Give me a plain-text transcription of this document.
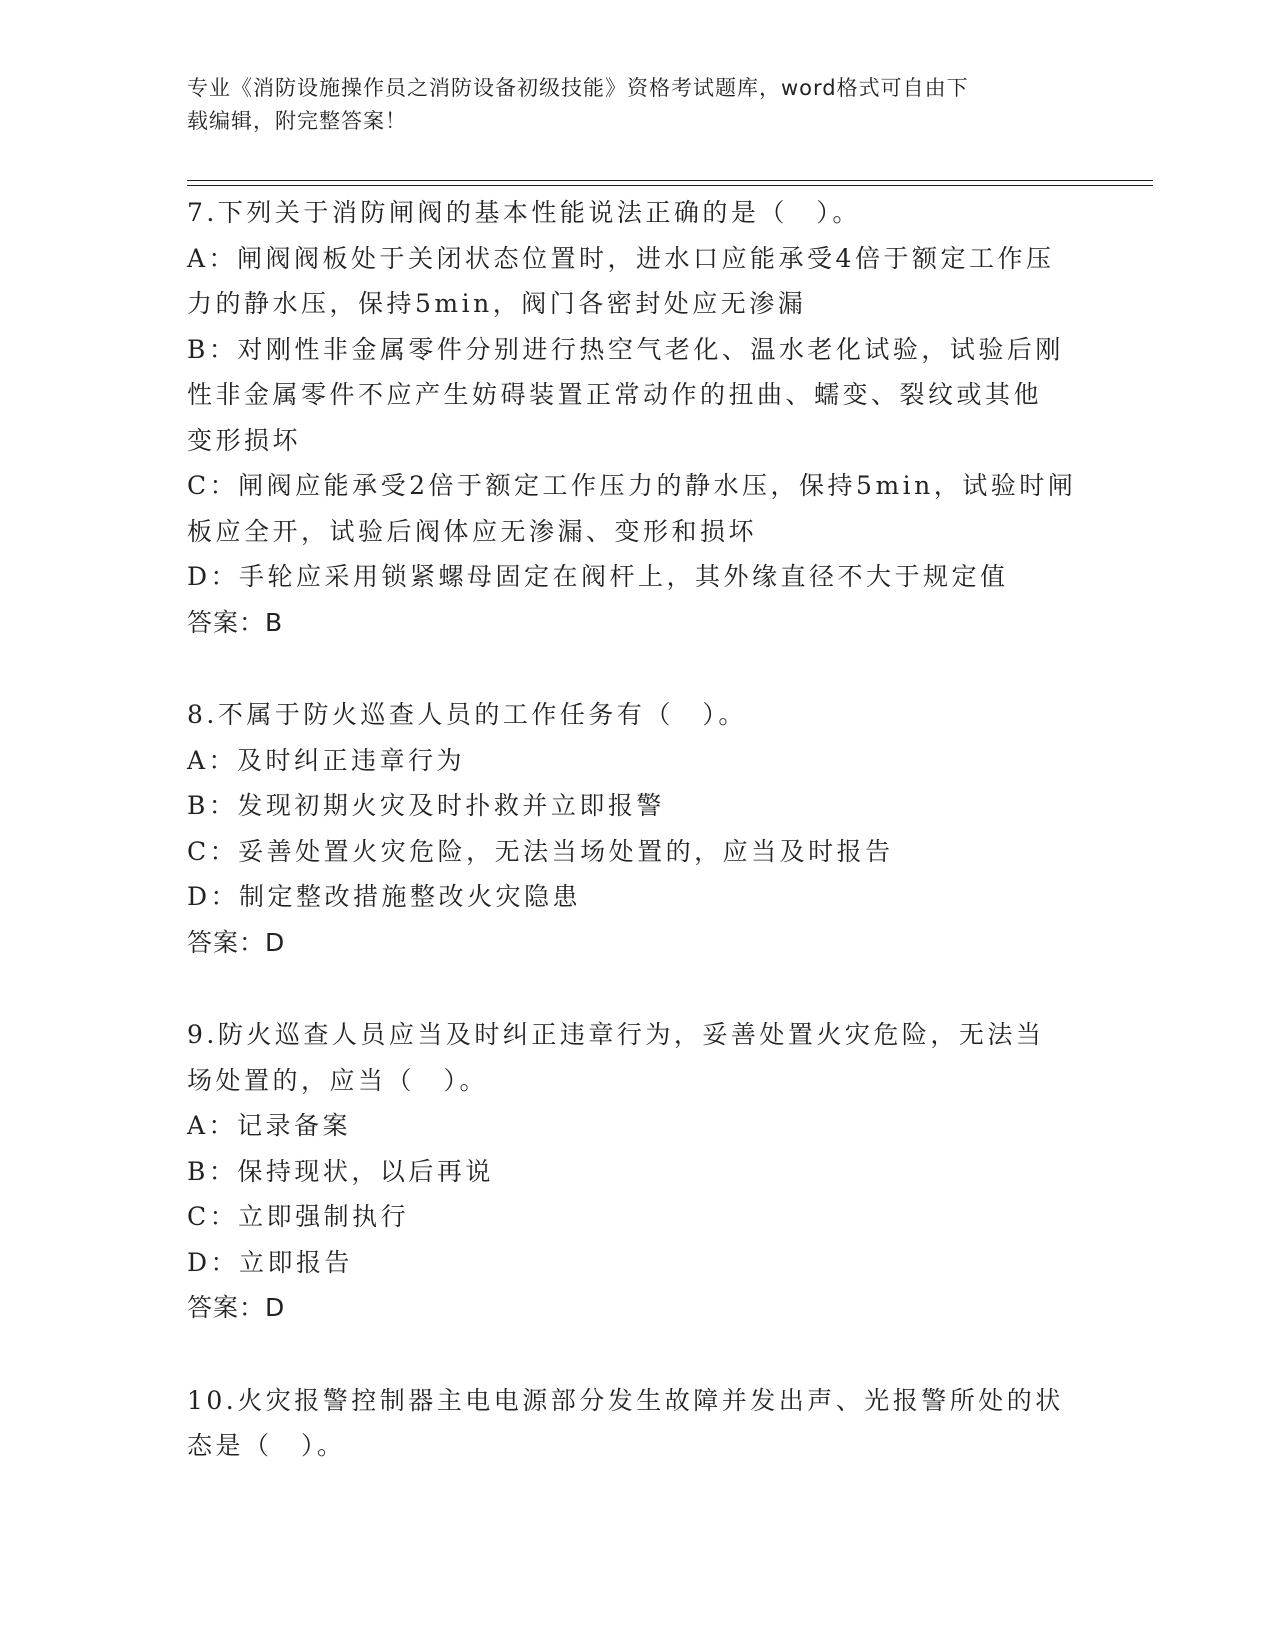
专业《消防设施操作员之消防设备初级技能》资格考试题库，word格式可自由下
载编辑，附完整答案！
7.下列关于消防闸阀的基本性能说法正确的是（　）。
A：闸阀阀板处于关闭状态位置时，进水口应能承受4倍于额定工作压
力的静水压，保持5min，阀门各密封处应无渗漏
B：对刚性非金属零件分别进行热空气老化、温水老化试验，试验后刚
性非金属零件不应产生妨碍装置正常动作的扭曲、蠕变、裂纹或其他
变形损坏
C：闸阀应能承受2倍于额定工作压力的静水压，保持5min，试验时闸
板应全开，试验后阀体应无渗漏、变形和损坏
D：手轮应采用锁紧螺母固定在阀杆上，其外缘直径不大于规定值
答案：B
8.不属于防火巡查人员的工作任务有（　）。
A：及时纠正违章行为
B：发现初期火灾及时扑救并立即报警
C：妥善处置火灾危险，无法当场处置的，应当及时报告
D：制定整改措施整改火灾隐患
答案：D
9.防火巡查人员应当及时纠正违章行为，妥善处置火灾危险，无法当
场处置的，应当（　）。
A：记录备案
B：保持现状，以后再说
C：立即强制执行
D：立即报告
答案：D
10.火灾报警控制器主电电源部分发生故障并发出声、光报警所处的状
态是（　）。
